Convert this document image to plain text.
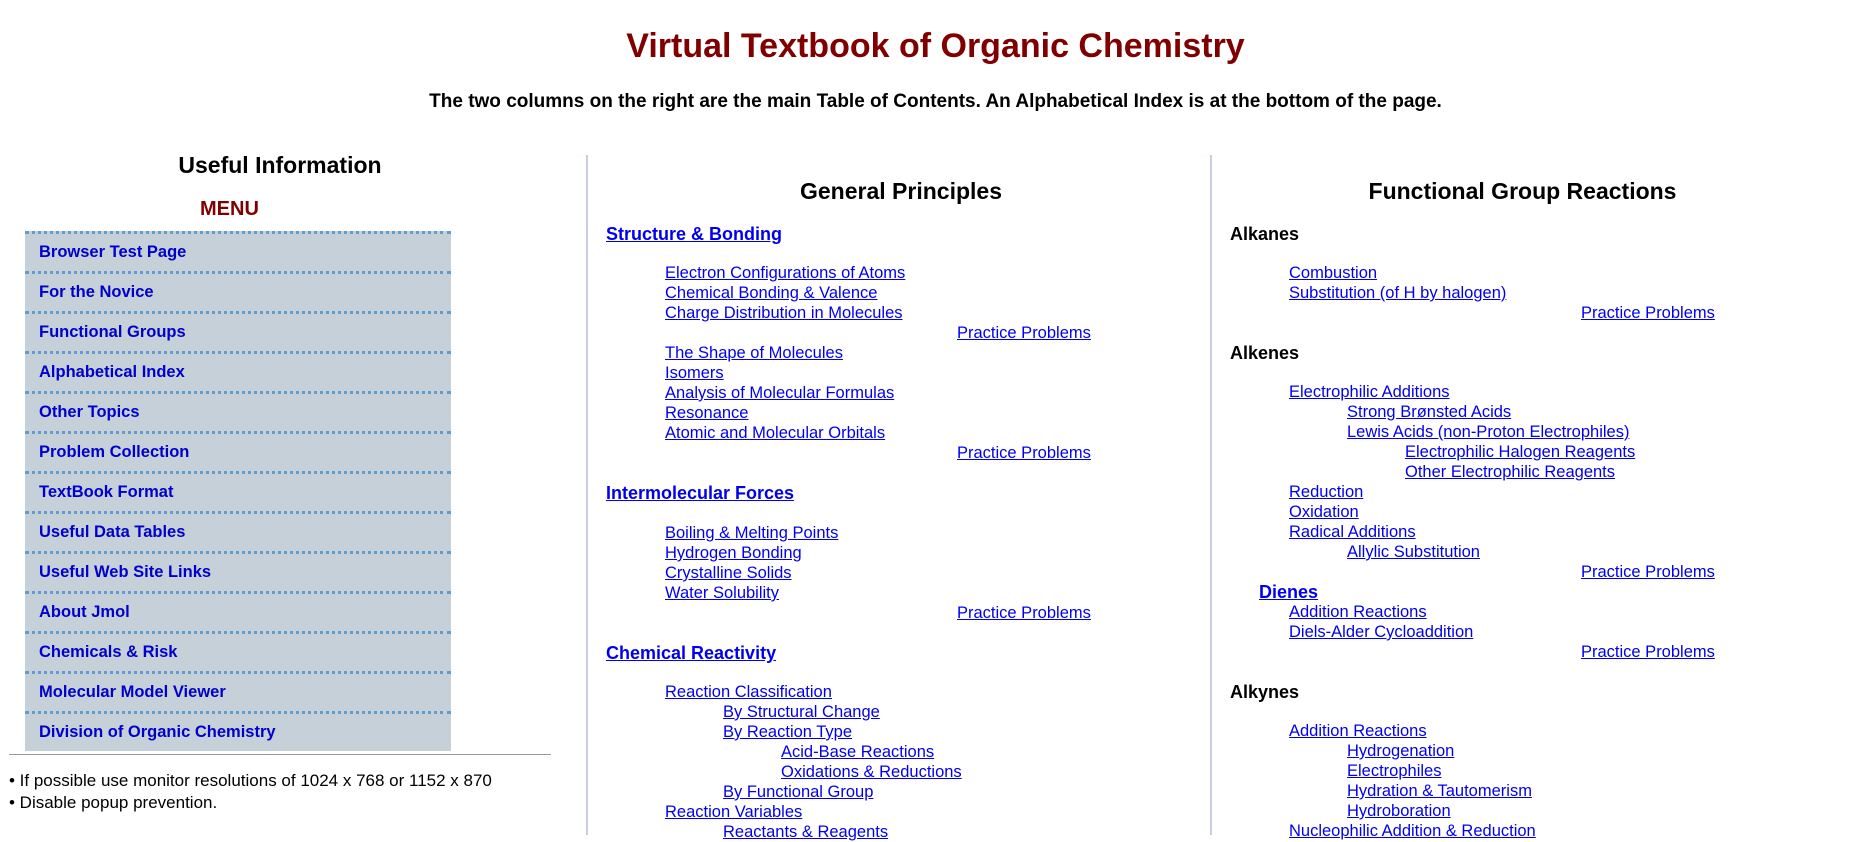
Virtual Textbook of Organic Chemistry
The two columns on the right are the main Table of Contents. An Alphabetical Index is at the bottom of the page.
Useful Information
MENU
Browser Test Page
For the Novice
Functional Groups
Alphabetical Index
Other Topics
Problem Collection
TextBook Format
Useful Data Tables
Useful Web Site Links
About Jmol
Chemicals & Risk
Molecular Model Viewer
Division of Organic Chemistry
• If possible use monitor resolutions of 1024 x 768 or 1152 x 870
• Disable popup prevention.
General Principles
Structure & Bonding
Electron Configurations of Atoms
Chemical Bonding & Valence
Charge Distribution in Molecules
Practice Problems
The Shape of Molecules
Isomers
Analysis of Molecular Formulas
Resonance
Atomic and Molecular Orbitals
Practice Problems
Intermolecular Forces
Boiling & Melting Points
Hydrogen Bonding
Crystalline Solids
Water Solubility
Practice Problems
Chemical Reactivity
Reaction Classification
By Structural Change
By Reaction Type
Acid-Base Reactions
Oxidations & Reductions
By Functional Group
Reaction Variables
Reactants & Reagents
Functional Group Reactions
Alkanes
Combustion
Substitution (of H by halogen)
Practice Problems
Alkenes
Electrophilic Additions
Strong Brønsted Acids
Lewis Acids (non-Proton Electrophiles)
Electrophilic Halogen Reagents
Other Electrophilic Reagents
Reduction
Oxidation
Radical Additions
Allylic Substitution
Practice Problems
Dienes
Addition Reactions
Diels-Alder Cycloaddition
Practice Problems
Alkynes
Addition Reactions
Hydrogenation
Electrophiles
Hydration & Tautomerism
Hydroboration
Nucleophilic Addition & Reduction
